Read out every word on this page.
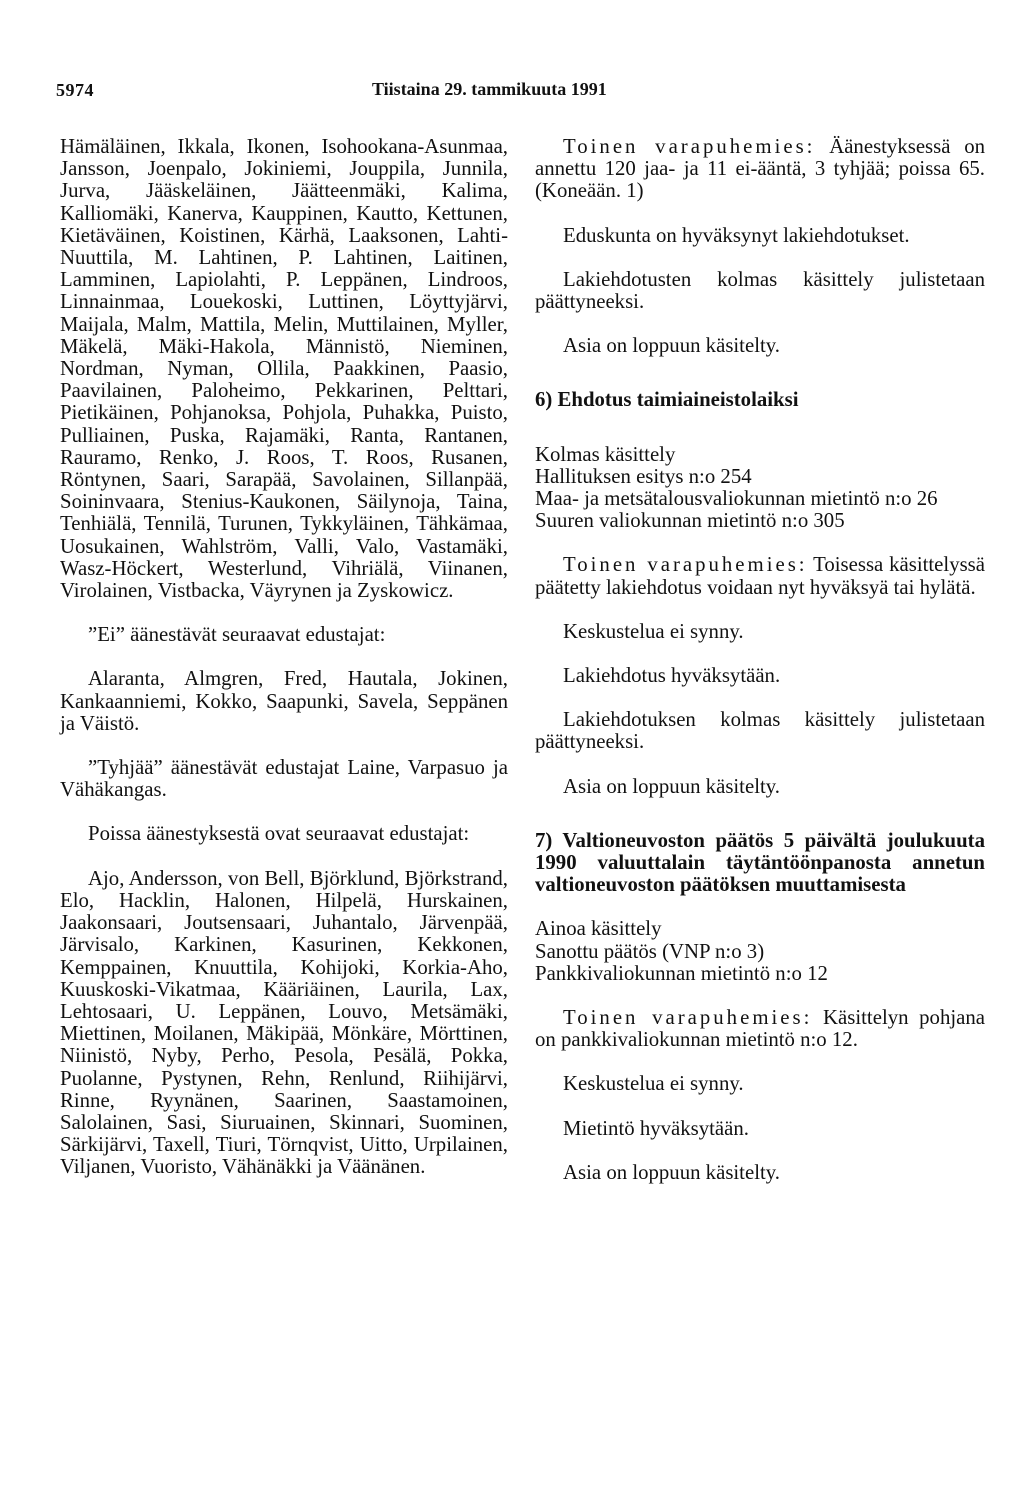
5974	Tiistaina 29. tammikuuta 1991

Hämäläinen, Ikkala, Ikonen, Isohookana-Asunmaa, Jansson, Joenpalo, Jokiniemi, Jouppila, Junnila, Jurva, Jääskeläinen, Jäätteenmäki, Kalima, Kalliomäki, Kanerva, Kauppinen, Kautto, Kettunen, Kietäväinen, Koistinen, Kärhä, Laaksonen, Lahti-Nuuttila, M. Lahtinen, P. Lahtinen, Laitinen, Lamminen, Lapiolahti, P. Leppänen, Lindroos, Linnainmaa, Louekoski, Luttinen, Löyttyjärvi, Maijala, Malm, Mattila, Melin, Muttilainen, Myller, Mäkelä, Mäki-Hakola, Männistö, Nieminen, Nordman, Nyman, Ollila, Paakkinen, Paasio, Paavilainen, Paloheimo, Pekkarinen, Pelttari, Pietikäinen, Pohjanoksa, Pohjola, Puhakka, Puisto, Pulliainen, Puska, Rajamäki, Ranta, Rantanen, Rauramo, Renko, J. Roos, T. Roos, Rusanen, Röntynen, Saari, Sarapää, Savolainen, Sillanpää, Soininvaara, Stenius-Kaukonen, Säilynoja, Taina, Tenhiälä, Tennilä, Turunen, Tykkyläinen, Tähkämaa, Uosukainen, Wahlström, Valli, Valo, Vastamäki, Wasz-Höckert, Westerlund, Vihriälä, Viinanen, Virolainen, Vistbacka, Väyrynen ja Zyskowicz.

”Ei” äänestävät seuraavat edustajat:

Alaranta, Almgren, Fred, Hautala, Jokinen, Kankaanniemi, Kokko, Saapunki, Savela, Seppänen ja Väistö.

”Tyhjää” äänestävät edustajat Laine, Varpasuo ja Vähäkangas.

Poissa äänestyksestä ovat seuraavat edustajat:

Ajo, Andersson, von Bell, Björklund, Björkstrand, Elo, Hacklin, Halonen, Hilpelä, Hurskainen, Jaakonsaari, Joutsensaari, Juhantalo, Järvenpää, Järvisalo, Karkinen, Kasurinen, Kekkonen, Kemppainen, Knuuttila, Kohijoki, Korkia-Aho, Kuuskoski-Vikatmaa, Kääriäinen, Laurila, Lax, Lehtosaari, U. Leppänen, Louvo, Metsämäki, Miettinen, Moilanen, Mäkipää, Mönkäre, Mörttinen, Niinistö, Nyby, Perho, Pesola, Pesälä, Pokka, Puolanne, Pystynen, Rehn, Renlund, Riihijärvi, Rinne, Ryynänen, Saarinen, Saastamoinen, Salolainen, Sasi, Siuruainen, Skinnari, Suominen, Särkijärvi, Taxell, Tiuri, Törnqvist, Uitto, Urpilainen, Viljanen, Vuoristo, Vähänäkki ja Väänänen.

Toinen varapuhemies: Äänestyksessä on annettu 120 jaa- ja 11 ei-ääntä, 3 tyhjää; poissa 65. (Koneään. 1)

Eduskunta on hyväksynyt lakiehdotukset.

Lakiehdotusten kolmas käsittely julistetaan päättyneeksi.

Asia on loppuun käsitelty.

6) Ehdotus taimiaineistolaiksi

Kolmas käsittely

Hallituksen esitys n:o 254

Maa- ja metsätalousvaliokunnan mietintö n:o 26

Suuren valiokunnan mietintö n:o 305

Toinen varapuhemies: Toisessa käsittelyssä päätetty lakiehdotus voidaan nyt hyväksyä tai hylätä.

Keskustelua ei synny.

Lakiehdotus hyväksytään.

Lakiehdotuksen kolmas käsittely julistetaan päättyneeksi.

Asia on loppuun käsitelty.

7) Valtioneuvoston päätös 5 päivältä joulukuuta 1990 valuuttalain täytäntöönpanosta annetun valtioneuvoston päätöksen muuttamisesta

Ainoa käsittely

Sanottu päätös (VNP n:o 3)

Pankkivaliokunnan mietintö n:o 12

Toinen varapuhemies: Käsittelyn pohjana on pankkivaliokunnan mietintö n:o 12.

Keskustelua ei synny.

Mietintö hyväksytään.

Asia on loppuun käsitelty.
